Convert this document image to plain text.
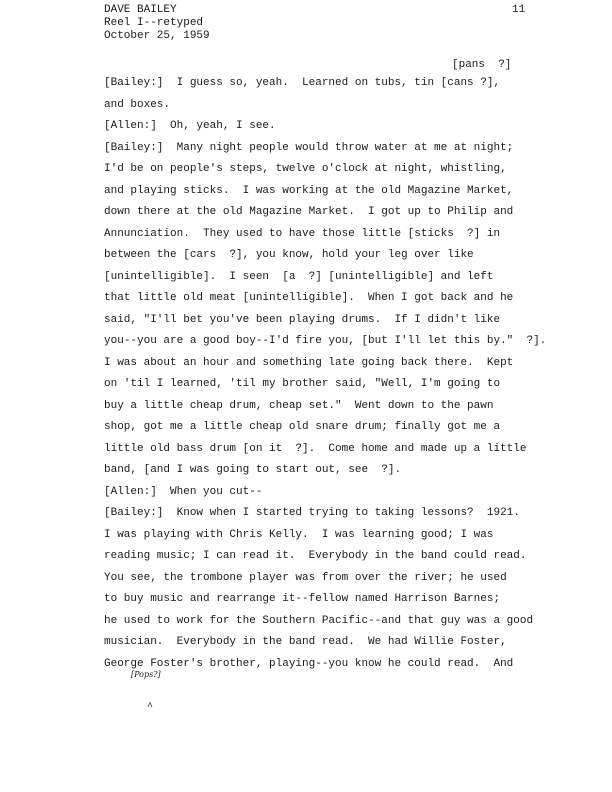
DAVE BAILEY
Reel I--retyped
October 25, 1959
11
[pans  ?]
[Bailey:]  I guess so, yeah.  Learned on tubs, tin [cans ?],
and boxes.
[Allen:]  Oh, yeah, I see.
[Bailey:]  Many night people would throw water at me at night;
I'd be on people's steps, twelve o'clock at night, whistling,
and playing sticks.  I was working at the old Magazine Market,
down there at the old Magazine Market.  I got up to Philip and
Annunciation.  They used to have those little [sticks  ?] in
between the [cars  ?], you know, hold your leg over like
[unintelligible].  I seen  [a  ?] [unintelligible] and left
that little old meat [unintelligible].  When I got back and he
said, "I'll bet you've been playing drums.  If I didn't like
you--you are a good boy--I'd fire you, [but I'll let this by."  ?].
I was about an hour and something late going back there.  Kept
on 'til I learned, 'til my brother said, "Well, I'm going to
buy a little cheap drum, cheap set."  Went down to the pawn
shop, got me a little cheap old snare drum; finally got me a
little old bass drum [on it  ?].  Come home and made up a little
band, [and I was going to start out, see  ?].
[Allen:]  When you cut--
[Bailey:]  Know when I started trying to taking lessons?  1921.
I was playing with Chris Kelly.  I was learning good; I was
reading music; I can read it.  Everybody in the band could read.
You see, the trombone player was from over the river; he used
to buy music and rearrange it--fellow named Harrison Barnes;
he used to work for the Southern Pacific--and that guy was a good
musician.  Everybody in the band read.  We had Willie Foster,
George Foster's brother, playing--you know he could read.  And
[Pops?]
^
